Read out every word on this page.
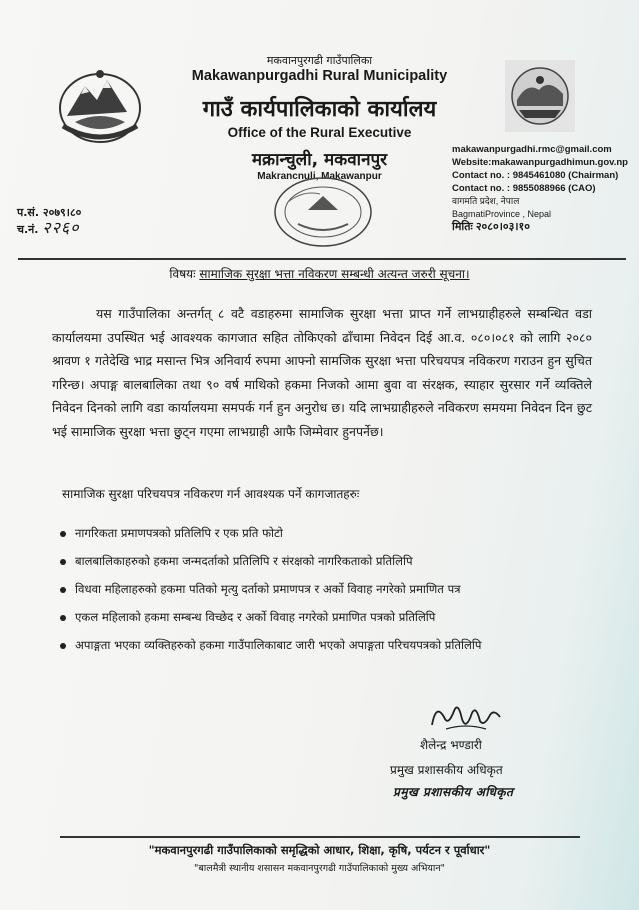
मकवानपुरगढी गाउँपालिका
Makawanpurgadhi Rural Municipality
गाउँ कार्यपालिकाको कार्यालय
Office of the Rural Executive
मक्रान्चुली, मकवानपुर
Makrancnuli, Makawanpur
makawanpurgadhi.rmc@gmail.com
Website:makawanpurgadhimun.gov.np
Contact no. : 9845461080 (Chairman)
Contact no. : 9855088966 (CAO)
वागमति प्रदेश, नेपाल
BagmatiProvince , Nepal
मितिः २०८०।०३।१०
प.सं. २०७९।८०
च.नं. २२६०
विषयः सामाजिक सुरक्षा भत्ता नविकरण सम्बन्धी अत्यन्त जरुरी सूचना।
यस गाउँपालिका अन्तर्गत् ८ वटै वडाहरुमा सामाजिक सुरक्षा भत्ता प्राप्त गर्ने लाभग्राहीहरुले सम्बन्धित वडा कार्यालयमा उपस्थित भई आवश्यक कागजात सहित तोकिएको ढाँचामा निवेदन दिई आ.व. ०८०।०८१ को लागि २०८० श्रावण १ गतेदेखि भाद्र मसान्त भित्र अनिवार्य रुपमा आफ्नो सामजिक सुरक्षा भत्ता परिचयपत्र नविकरण गराउन हुन सुचित गरिन्छ। अपाङ्ग बालबालिका तथा ९० वर्ष माथिको हकमा निजको आमा बुवा वा संरक्षक, स्याहार सुरसार गर्ने व्यक्तिले निवेदन दिनको लागि वडा कार्यालयमा समपर्क गर्न हुन अनुरोध छ। यदि लाभग्राहीहरुले नविकरण समयमा निवेदन दिन छुट भई सामाजिक सुरक्षा भत्ता छुट्न गएमा लाभग्राही आफै जिम्मेवार हुनपर्नेछ।
सामाजिक सुरक्षा परिचयपत्र नविकरण गर्न आवश्यक पर्ने कागजातहरुः
नागरिकता प्रमाणपत्रको प्रतिलिपि र एक प्रति फोटो
बालबालिकाहरुको हकमा जन्मदर्ताको प्रतिलिपि र संरक्षको नागरिकताको प्रतिलिपि
विधवा महिलाहरुको हकमा पतिको मृत्यु दर्ताको प्रमाणपत्र र अर्को विवाह नगरेको प्रमाणित पत्र
एकल महिलाको हकमा सम्बन्ध विच्छेद र अर्को विवाह नगरेको प्रमाणित पत्रको प्रतिलिपि
अपाङ्गता भएका व्यक्तिहरुको हकमा गाउँपालिकाबाट जारी भएको अपाङ्गता परिचयपत्रको प्रतिलिपि
शैलेन्द्र भण्डारी
प्रमुख प्रशासकीय अधिकृत
प्रमुख प्रशासकीय अधिकृत
"मकवानपुरगढी गाउँपालिकाको समृद्धिको आधार, शिक्षा, कृषि, पर्यटन र पूर्वाधार"
"बालमैत्री स्थानीय शसासन मकवानपुरगढी गाउँपालिकाको मुख्य अभियान"
